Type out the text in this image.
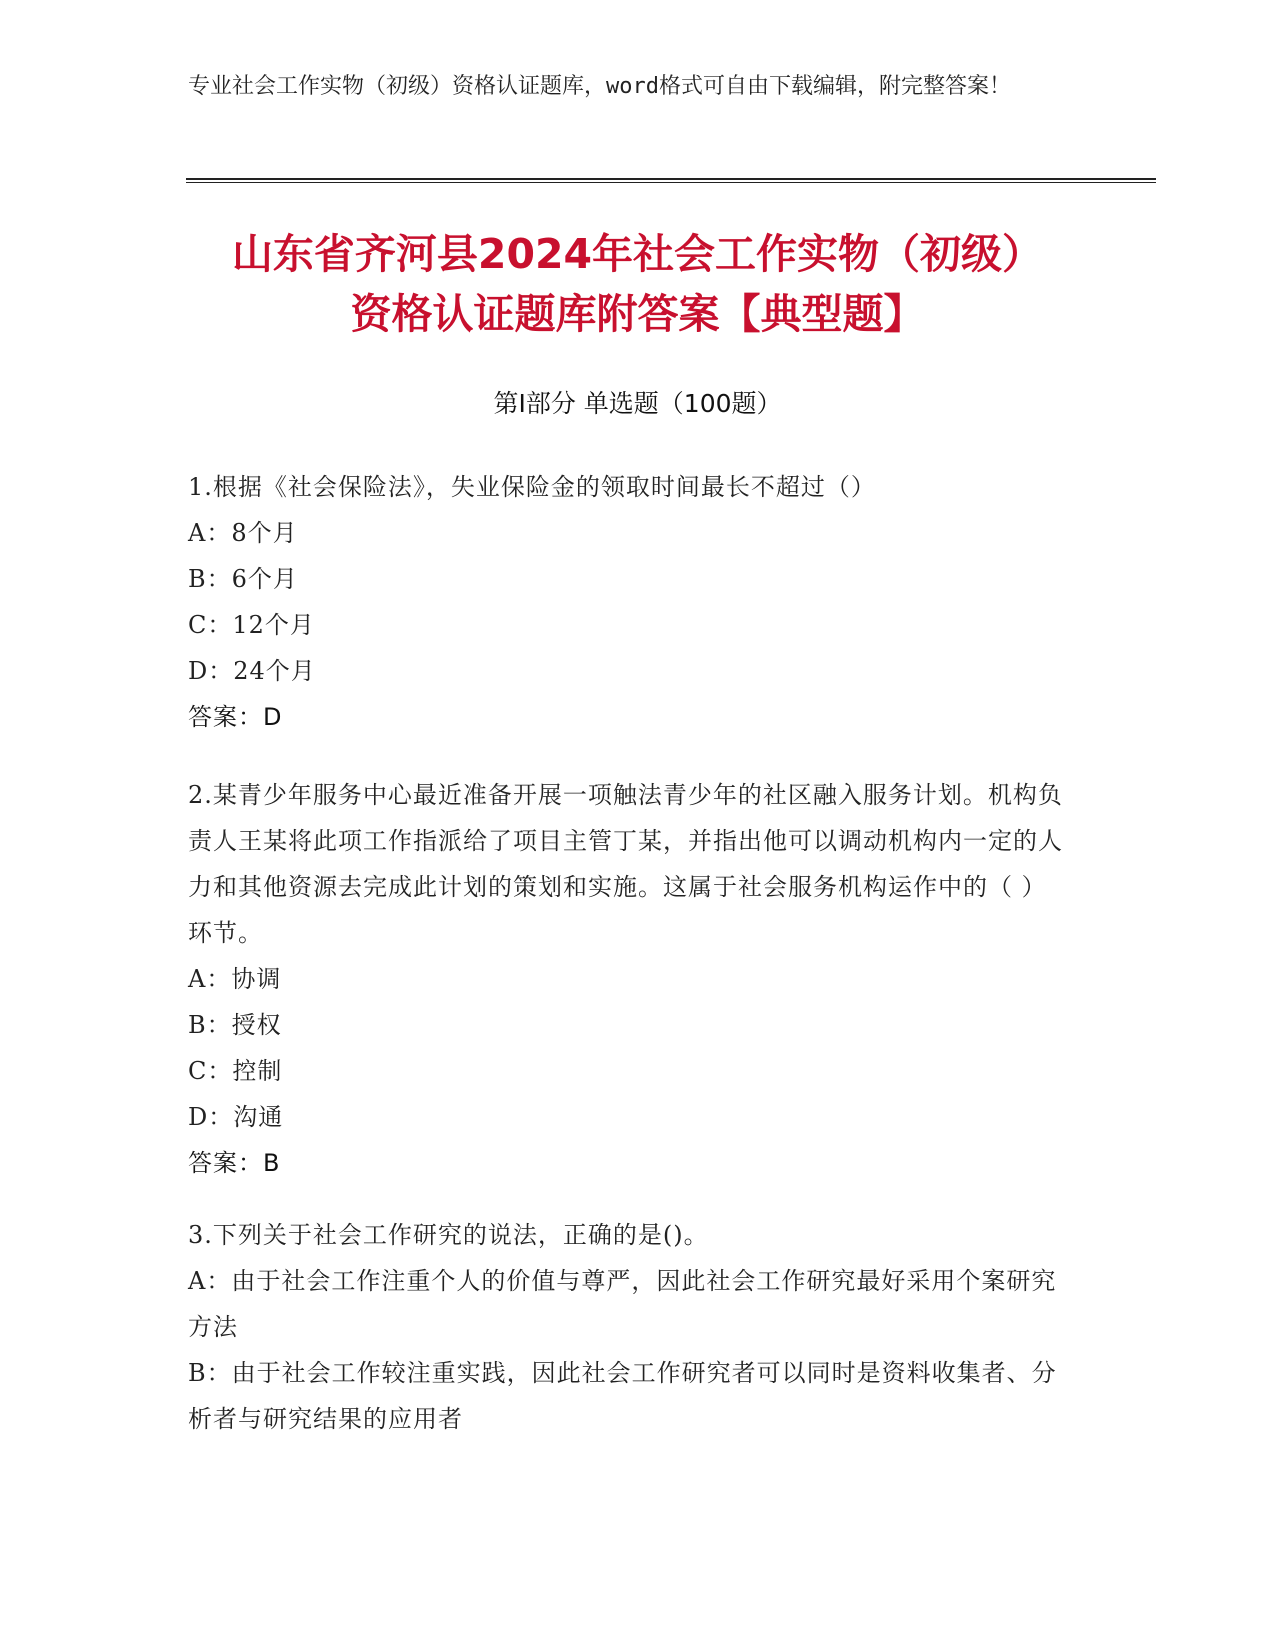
专业社会工作实物（初级）资格认证题库，word格式可自由下载编辑，附完整答案！
山东省齐河县2024年社会工作实物（初级）
资格认证题库附答案【典型题】
第Ⅰ部分 单选题（100题）

1.根据《社会保险法》，失业保险金的领取时间最长不超过（）

A：8个月

B：6个月

C：12个月

D：24个月

答案：D

2.某青少年服务中心最近准备开展一项触法青少年的社区融入服务计划。机构负责人王某将此项工作指派给了项目主管丁某，并指出他可以调动机构内一定的人力和其他资源去完成此计划的策划和实施。这属于社会服务机构运作中的（ ）环节。

A：协调

B：授权

C：控制

D：沟通

答案：B

3.下列关于社会工作研究的说法，正确的是()。

A：由于社会工作注重个人的价值与尊严，因此社会工作研究最好采用个案研究方法

B：由于社会工作较注重实践，因此社会工作研究者可以同时是资料收集者、分析者与研究结果的应用者
